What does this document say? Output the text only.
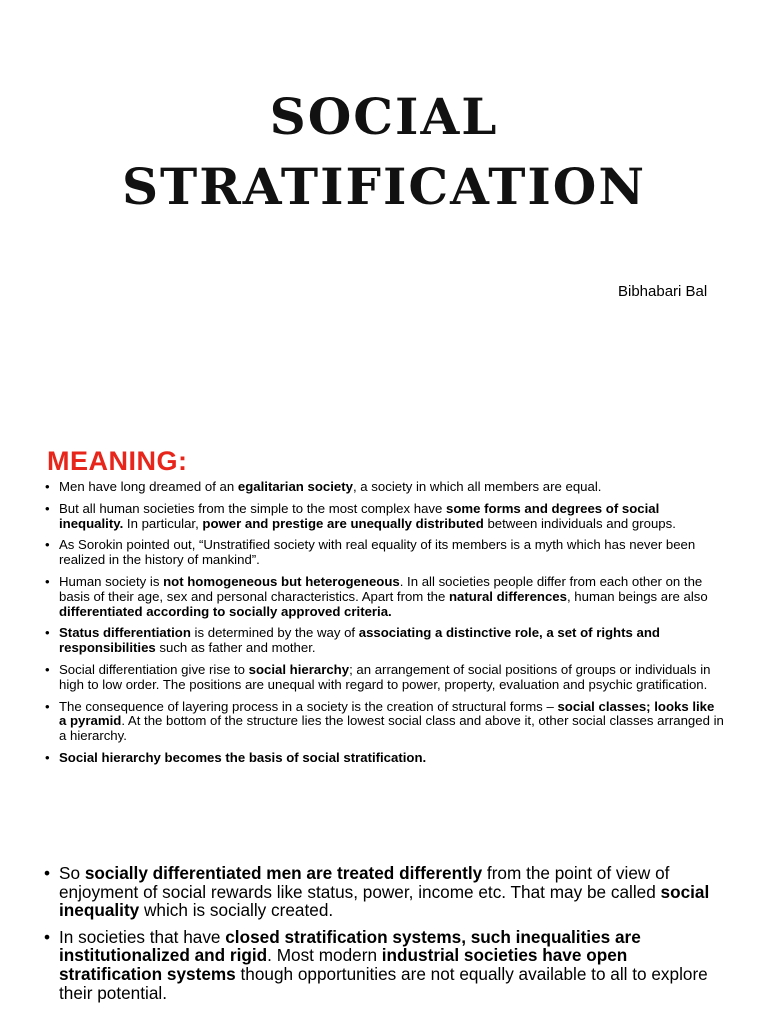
SOCIAL
STRATIFICATION
Bibhabari Bal
MEANING:
• Men have long dreamed of an egalitarian society, a society in which all members are equal.
• But all human societies from the simple to the most complex have some forms and degrees of social inequality. In particular, power and prestige are unequally distributed between individuals and groups.
• As Sorokin pointed out, “Unstratified society with real equality of its members is a myth which has never been realized in the history of mankind”.
• Human society is not homogeneous but heterogeneous. In all societies people differ from each other on the basis of their age, sex and personal characteristics. Apart from the natural differences, human beings are also differentiated according to socially approved criteria.
• Status differentiation is determined by the way of associating a distinctive role, a set of rights and responsibilities such as father and mother.
• Social differentiation give rise to social hierarchy; an arrangement of social positions of groups or individuals in high to low order. The positions are unequal with regard to power, property, evaluation and psychic gratification.
• The consequence of layering process in a society is the creation of structural forms – social classes; looks like a pyramid. At the bottom of the structure lies the lowest social class and above it, other social classes arranged in a hierarchy.
• Social hierarchy becomes the basis of social stratification.
• So socially differentiated men are treated differently from the point of view of enjoyment of social rewards like status, power, income etc. That may be called social inequality which is socially created.
• In societies that have closed stratification systems, such inequalities are institutionalized and rigid. Most modern industrial societies have open stratification systems though opportunities are not equally available to all to explore their potential.
